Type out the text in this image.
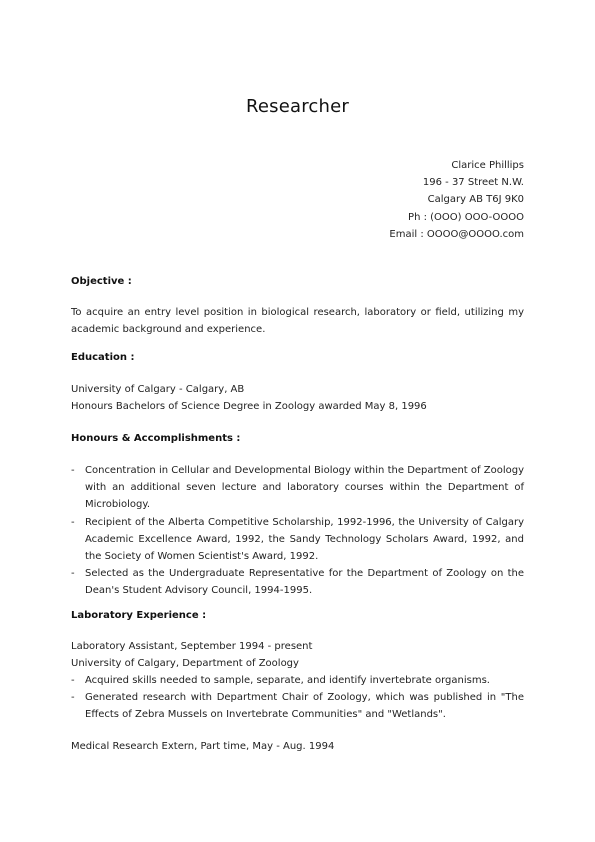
Researcher
Clarice Phillips
196 - 37 Street N.W.
Calgary AB T6J 9K0
Ph : (OOO) OOO-OOOO
Email : OOOO@OOOO.com
Objective :
To acquire an entry level position in biological research, laboratory or field, utilizing my academic background and experience.
Education :
University of Calgary - Calgary, AB
Honours Bachelors of Science Degree in Zoology awarded May 8, 1996
Honours & Accomplishments :
- Concentration in Cellular and Developmental Biology within the Department of Zoology with an additional seven lecture and laboratory courses within the Department of Microbiology.
- Recipient of the Alberta Competitive Scholarship, 1992-1996, the University of Calgary Academic Excellence Award, 1992, the Sandy Technology Scholars Award, 1992, and the Society of Women Scientist's Award, 1992.
- Selected as the Undergraduate Representative for the Department of Zoology on the Dean's Student Advisory Council, 1994-1995.
Laboratory Experience :
Laboratory Assistant, September 1994 - present
University of Calgary, Department of Zoology
- Acquired skills needed to sample, separate, and identify invertebrate organisms.
- Generated research with Department Chair of Zoology, which was published in "The Effects of Zebra Mussels on Invertebrate Communities" and "Wetlands".
Medical Research Extern, Part time, May - Aug. 1994
